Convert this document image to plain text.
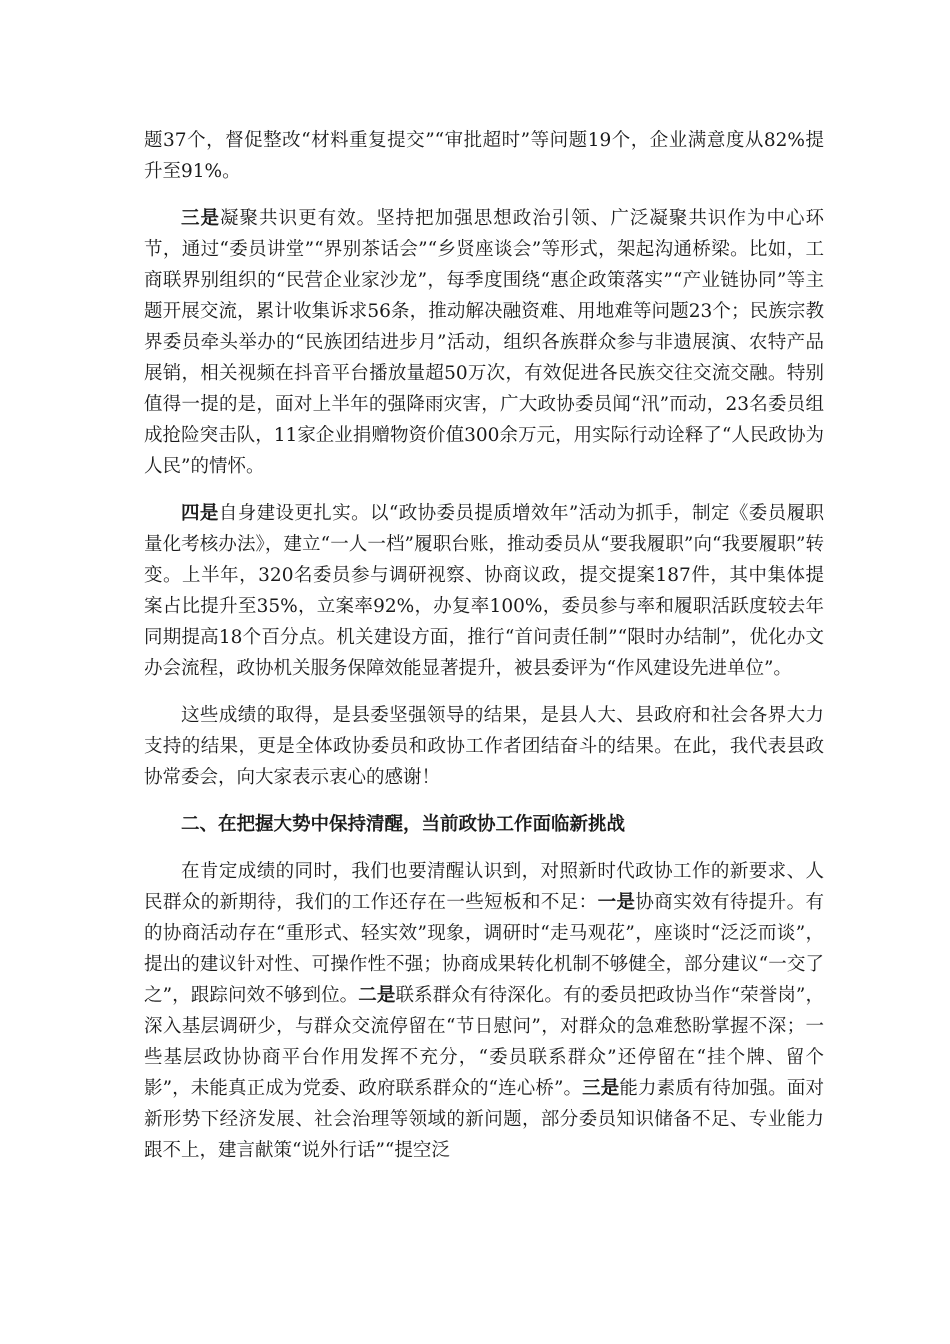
题37个，督促整改“材料重复提交”“审批超时”等问题19个，企业满意度从82%提升至91%。

三是凝聚共识更有效。坚持把加强思想政治引领、广泛凝聚共识作为中心环节，通过“委员讲堂”“界别茶话会”“乡贤座谈会”等形式，架起沟通桥梁。比如，工商联界别组织的“民营企业家沙龙”，每季度围绕“惠企政策落实”“产业链协同”等主题开展交流，累计收集诉求56条，推动解决融资难、用地难等问题23个；民族宗教界委员牵头举办的“民族团结进步月”活动，组织各族群众参与非遗展演、农特产品展销，相关视频在抖音平台播放量超50万次，有效促进各民族交往交流交融。特别值得一提的是，面对上半年的强降雨灾害，广大政协委员闻“汛”而动，23名委员组成抢险突击队，11家企业捐赠物资价值300余万元，用实际行动诠释了“人民政协为人民”的情怀。

四是自身建设更扎实。以“政协委员提质增效年”活动为抓手，制定《委员履职量化考核办法》，建立“一人一档”履职台账，推动委员从“要我履职”向“我要履职”转变。上半年，320名委员参与调研视察、协商议政，提交提案187件，其中集体提案占比提升至35%，立案率92%，办复率100%，委员参与率和履职活跃度较去年同期提高18个百分点。机关建设方面，推行“首问责任制”“限时办结制”，优化办文办会流程，政协机关服务保障效能显著提升，被县委评为“作风建设先进单位”。

这些成绩的取得，是县委坚强领导的结果，是县人大、县政府和社会各界大力支持的结果，更是全体政协委员和政协工作者团结奋斗的结果。在此，我代表县政协常委会，向大家表示衷心的感谢！

二、在把握大势中保持清醒，当前政协工作面临新挑战

在肯定成绩的同时，我们也要清醒认识到，对照新时代政协工作的新要求、人民群众的新期待，我们的工作还存在一些短板和不足：一是协商实效有待提升。有的协商活动存在“重形式、轻实效”现象，调研时“走马观花”，座谈时“泛泛而谈”，提出的建议针对性、可操作性不强；协商成果转化机制不够健全，部分建议“一交了之”，跟踪问效不够到位。二是联系群众有待深化。有的委员把政协当作“荣誉岗”，深入基层调研少，与群众交流停留在“节日慰问”，对群众的急难愁盼掌握不深；一些基层政协协商平台作用发挥不充分，“委员联系群众”还停留在“挂个牌、留个影”，未能真正成为党委、政府联系群众的“连心桥”。三是能力素质有待加强。面对新形势下经济发展、社会治理等领域的新问题，部分委员知识储备不足、专业能力跟不上，建言献策“说外行话”“提空泛
